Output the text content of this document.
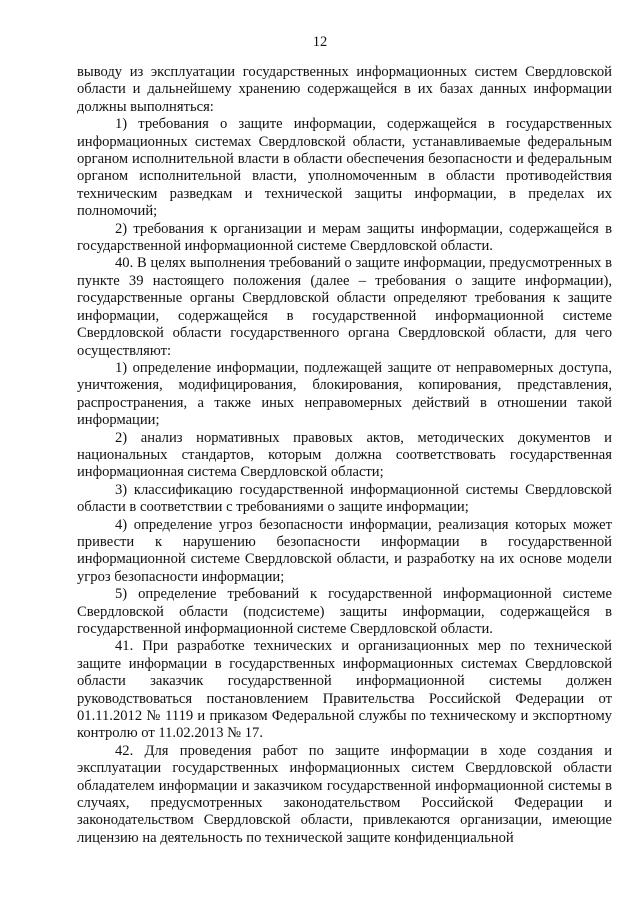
12

выводу из эксплуатации государственных информационных систем Свердловской области и дальнейшему хранению содержащейся в их базах данных информации должны выполняться:

1) требования о защите информации, содержащейся в государственных информационных системах Свердловской области, устанавливаемые федеральным органом исполнительной власти в области обеспечения безопасности и федеральным органом исполнительной власти, уполномоченным в области противодействия техническим разведкам и технической защиты информации, в пределах их полномочий;

2) требования к организации и мерам защиты информации, содержащейся в государственной информационной системе Свердловской области.

40. В целях выполнения требований о защите информации, предусмотренных в пункте 39 настоящего положения (далее – требования о защите информации), государственные органы Свердловской области определяют требования к защите информации, содержащейся в государственной информационной системе Свердловской области государственного органа Свердловской области, для чего осуществляют:

1) определение информации, подлежащей защите от неправомерных доступа, уничтожения, модифицирования, блокирования, копирования, представления, распространения, а также иных неправомерных действий в отношении такой информации;

2) анализ нормативных правовых актов, методических документов и национальных стандартов, которым должна соответствовать государственная информационная система Свердловской области;

3) классификацию государственной информационной системы Свердловской области в соответствии с требованиями о защите информации;

4) определение угроз безопасности информации, реализация которых может привести к нарушению безопасности информации в государственной информационной системе Свердловской области, и разработку на их основе модели угроз безопасности информации;

5) определение требований к государственной информационной системе Свердловской области (подсистеме) защиты информации, содержащейся в государственной информационной системе Свердловской области.

41. При разработке технических и организационных мер по технической защите информации в государственных информационных системах Свердловской области заказчик государственной информационной системы должен руководствоваться постановлением Правительства Российской Федерации от 01.11.2012 № 1119 и приказом Федеральной службы по техническому и экспортному контролю от 11.02.2013 № 17.

42. Для проведения работ по защите информации в ходе создания и эксплуатации государственных информационных систем Свердловской области обладателем информации и заказчиком государственной информационной системы в случаях, предусмотренных законодательством Российской Федерации и законодательством Свердловской области, привлекаются организации, имеющие лицензию на деятельность по технической защите конфиденциальной
